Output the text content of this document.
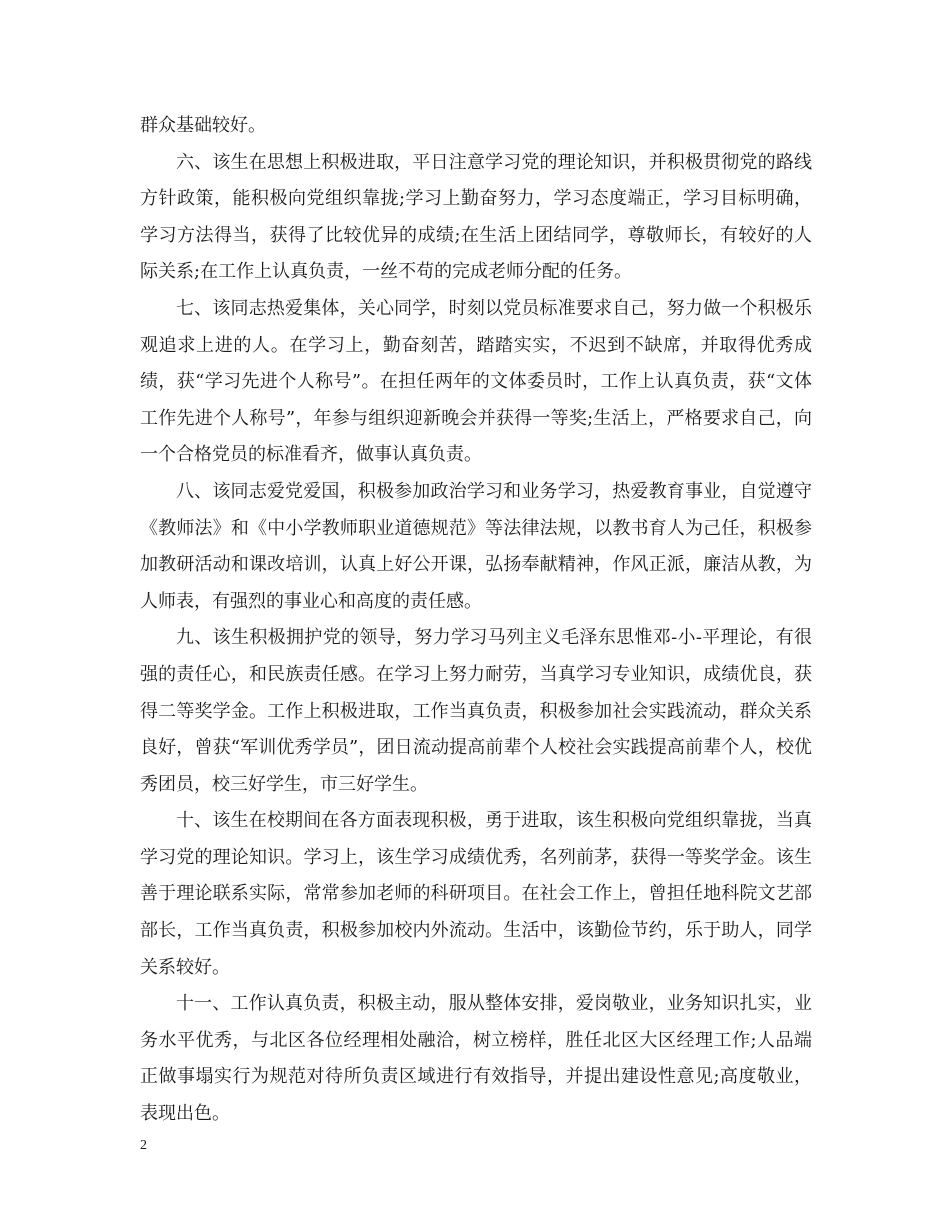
群众基础较好。

六、该生在思想上积极进取，平日注意学习党的理论知识，并积极贯彻党的路线方针政策，能积极向党组织靠拢;学习上勤奋努力，学习态度端正，学习目标明确，学习方法得当，获得了比较优异的成绩;在生活上团结同学，尊敬师长，有较好的人际关系;在工作上认真负责，一丝不苟的完成老师分配的任务。

七、该同志热爱集体，关心同学，时刻以党员标准要求自己，努力做一个积极乐观追求上进的人。在学习上，勤奋刻苦，踏踏实实，不迟到不缺席，并取得优秀成绩，获“学习先进个人称号”。在担任两年的文体委员时，工作上认真负责，获“文体工作先进个人称号”，年参与组织迎新晚会并获得一等奖;生活上，严格要求自己，向一个合格党员的标准看齐，做事认真负责。

八、该同志爱党爱国，积极参加政治学习和业务学习，热爱教育事业，自觉遵守《教师法》和《中小学教师职业道德规范》等法律法规，以教书育人为己任，积极参加教研活动和课改培训，认真上好公开课，弘扬奉献精神，作风正派，廉洁从教，为人师表，有强烈的事业心和高度的责任感。

九、该生积极拥护党的领导，努力学习马列主义毛泽东思惟邓-小-平理论，有很强的责任心，和民族责任感。在学习上努力耐劳，当真学习专业知识，成绩优良，获得二等奖学金。工作上积极进取，工作当真负责，积极参加社会实践流动，群众关系良好，曾获“军训优秀学员”，团日流动提高前辈个人校社会实践提高前辈个人，校优秀团员，校三好学生，市三好学生。

十、该生在校期间在各方面表现积极，勇于进取，该生积极向党组织靠拢，当真学习党的理论知识。学习上，该生学习成绩优秀，名列前茅，获得一等奖学金。该生善于理论联系实际，常常参加老师的科研项目。在社会工作上，曾担任地科院文艺部部长，工作当真负责，积极参加校内外流动。生活中，该勤俭节约，乐于助人，同学关系较好。

十一、工作认真负责，积极主动，服从整体安排，爱岗敬业，业务知识扎实，业务水平优秀，与北区各位经理相处融洽，树立榜样，胜任北区大区经理工作;人品端正做事塌实行为规范对待所负责区域进行有效指导，并提出建设性意见;高度敬业，表现出色。

2
